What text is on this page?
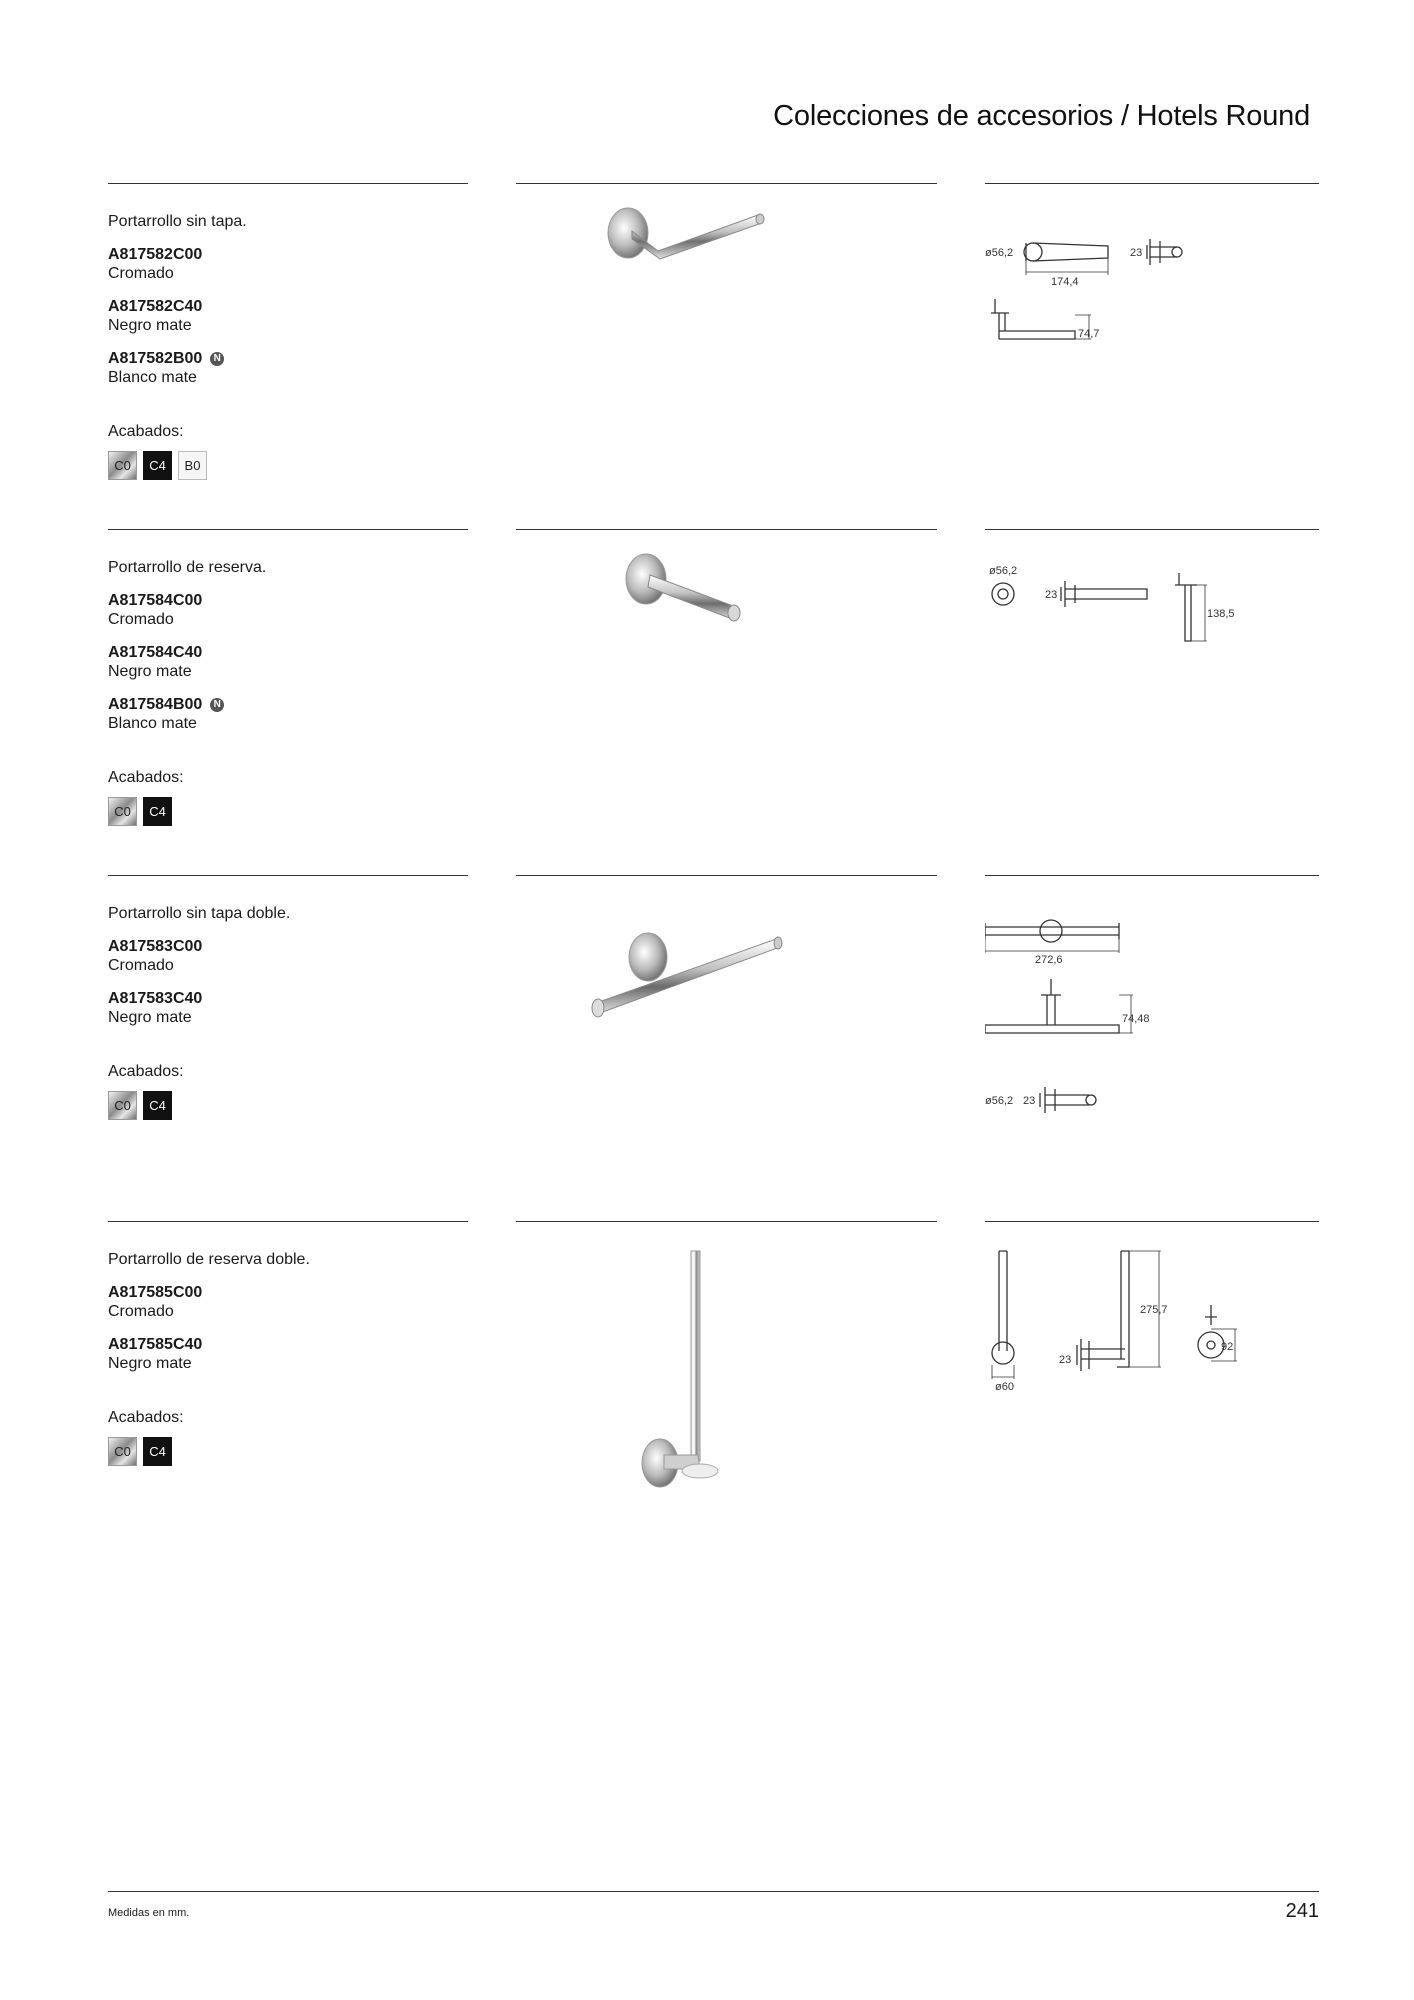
Colecciones de accesorios / Hotels Round

Portarrollo sin tapa.

A817582C00
Cromado
A817582C40
Negro mate
A817582B00	N
Blanco mate
Acabados:
C0	C4	B0
ø56,2
174,4
23
74,7

Portarrollo de reserva.

A817584C00
Cromado
A817584C40
Negro mate
A817584B00	N
Blanco mate
Acabados:
C0	C4
ø56,2
23
138,5

Portarrollo sin tapa doble.

A817583C00
Cromado
A817583C40
Negro mate
Acabados:
C0	C4
272,6
74,48
ø56,2 23

Portarrollo de reserva doble.

A817585C00
Cromado
A817585C40
Negro mate
Acabados:
C0	C4
ø60
23
275,7
92
Medidas en mm.	241
